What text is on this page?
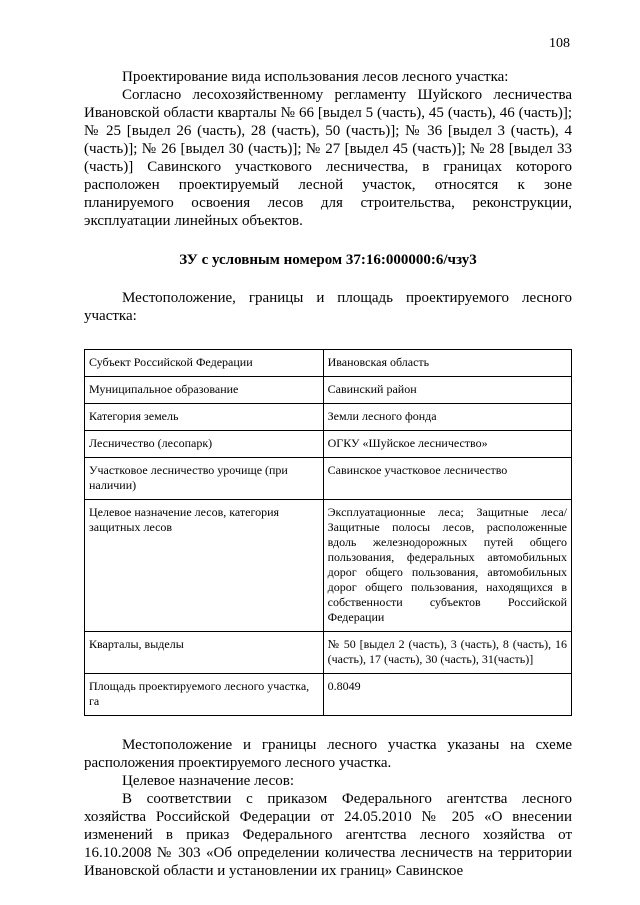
108

Проектирование вида использования лесов лесного участка:

Согласно лесохозяйственному регламенту Шуйского лесничества Ивановской области кварталы № 66 [выдел 5 (часть), 45 (часть), 46 (часть)]; № 25 [выдел 26 (часть), 28 (часть), 50 (часть)]; № 36 [выдел 3 (часть), 4 (часть)]; № 26 [выдел 30 (часть)]; № 27 [выдел 45 (часть)]; № 28 [выдел 33 (часть)] Савинского участкового лесничества, в границах которого расположен проектируемый лесной участок, относятся к зоне планируемого освоения лесов для строительства, реконструкции, эксплуатации линейных объектов.

ЗУ с условным номером 37:16:000000:6/чзу3

Местоположение, границы и площадь проектируемого лесного участка:

Субъект Российской Федерации	Ивановская область
Муниципальное образование	Савинский район
Категория земель	Земли лесного фонда
Лесничество (лесопарк)	ОГКУ «Шуйское лесничество»
Участковое лесничество урочище (при наличии)	Савинское участковое лесничество
Целевое назначение лесов, категория защитных лесов	Эксплуатационные леса; Защитные леса/ Защитные полосы лесов, расположенные вдоль железнодорожных путей общего пользования, федеральных автомобильных дорог общего пользования, автомобильных дорог общего пользования, находящихся в собственности субъектов Российской Федерации
Кварталы, выделы	№ 50 [выдел 2 (часть), 3 (часть), 8 (часть), 16 (часть), 17 (часть), 30 (часть), 31(часть)]
Площадь проектируемого лесного участка, га	0.8049

Местоположение и границы лесного участка указаны на схеме расположения проектируемого лесного участка.

Целевое назначение лесов:

В соответствии с приказом Федерального агентства лесного хозяйства Российской Федерации от 24.05.2010 № 205 «О внесении изменений в приказ Федерального агентства лесного хозяйства от 16.10.2008 № 303 «Об определении количества лесничеств на территории Ивановской области и установлении их границ» Савинское
